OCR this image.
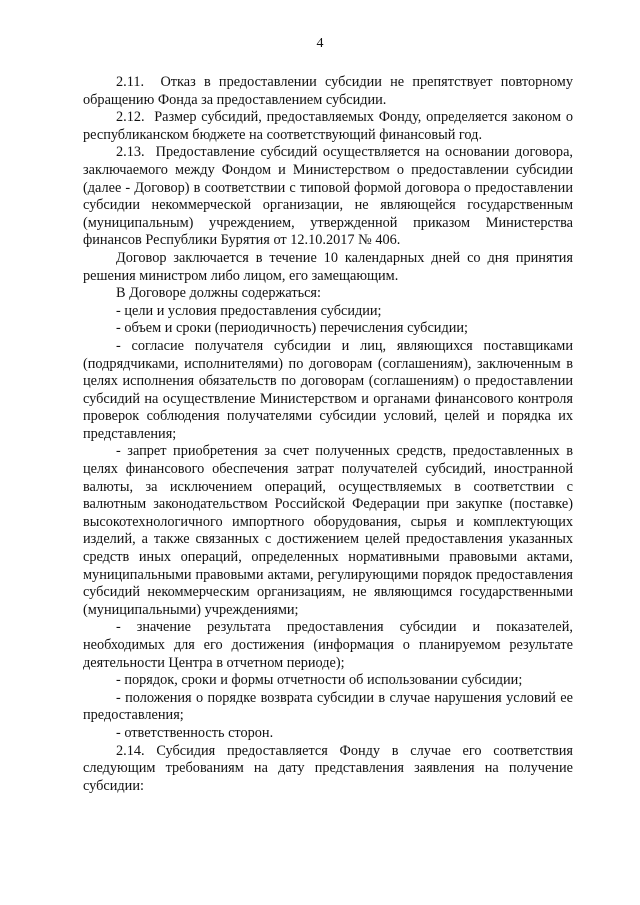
4

2.11.  Отказ в предоставлении субсидии не препятствует повторному обращению Фонда за предоставлением субсидии.

2.12.  Размер субсидий, предоставляемых Фонду, определяется законом о республиканском бюджете на соответствующий финансовый год.

2.13.  Предоставление субсидий осуществляется на основании договора, заключаемого между Фондом и Министерством о предоставлении субсидии (далее - Договор) в соответствии с типовой формой договора о предоставлении субсидии некоммерческой организации, не являющейся государственным (муниципальным) учреждением, утвержденной приказом Министерства финансов Республики Бурятия от 12.10.2017 № 406.

Договор заключается в течение 10 календарных дней со дня принятия решения министром либо лицом, его замещающим.

В Договоре должны содержаться:

- цели и условия предоставления субсидии;

- объем и сроки (периодичность) перечисления субсидии;

- согласие получателя субсидии и лиц, являющихся поставщиками (подрядчиками, исполнителями) по договорам (соглашениям), заключенным в целях исполнения обязательств по договорам (соглашениям) о предоставлении субсидий на осуществление Министерством и органами финансового контроля проверок соблюдения получателями субсидии условий, целей и порядка их представления;

- запрет приобретения за счет полученных средств, предоставленных в целях финансового обеспечения затрат получателей субсидий, иностранной валюты, за исключением операций, осуществляемых в соответствии с валютным законодательством Российской Федерации при закупке (поставке) высокотехнологичного импортного оборудования, сырья и комплектующих изделий, а также связанных с достижением целей предоставления указанных средств иных операций, определенных нормативными правовыми актами, муниципальными правовыми актами, регулирующими порядок предоставления субсидий некоммерческим организациям, не являющимся государственными (муниципальными) учреждениями;

- значение результата предоставления субсидии и показателей, необходимых для его достижения (информация о планируемом результате деятельности Центра в отчетном периоде);

- порядок, сроки и формы отчетности об использовании субсидии;

- положения о порядке возврата субсидии в случае нарушения условий ее предоставления;

- ответственность сторон.

2.14. Субсидия предоставляется Фонду в случае его соответствия следующим требованиям на дату представления заявления на получение субсидии:
